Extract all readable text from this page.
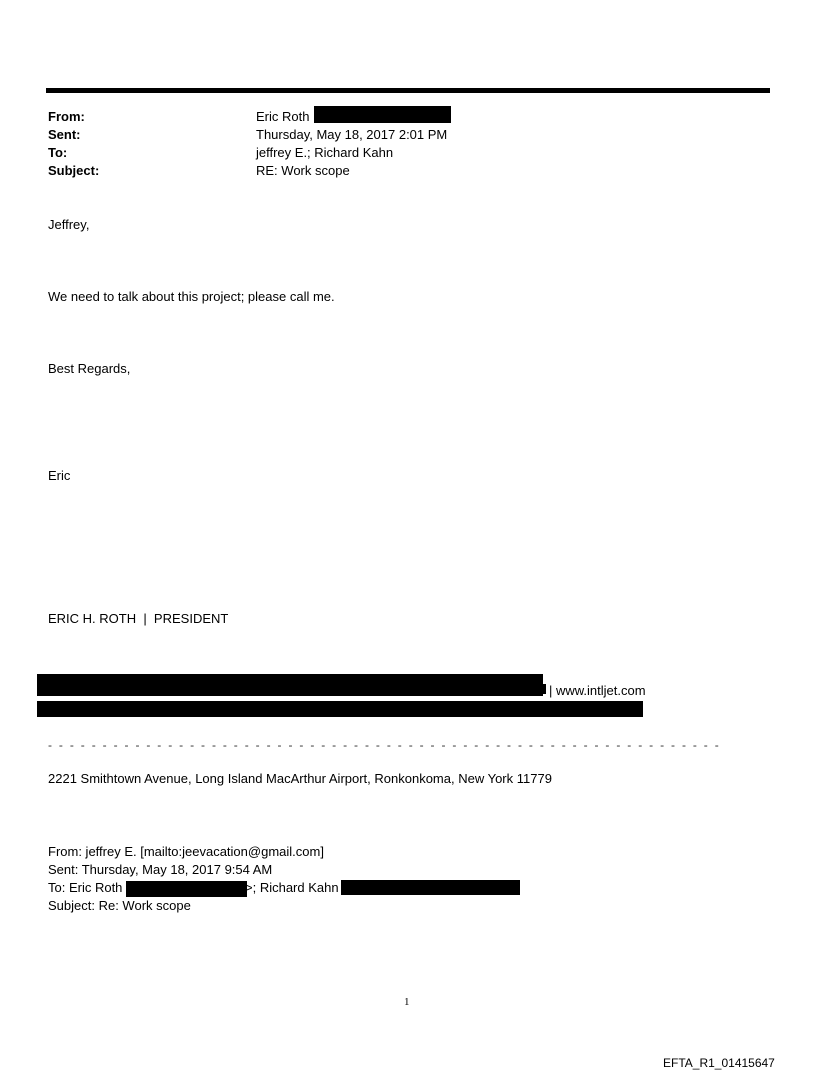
From:
Sent:
To:
Subject:
Eric Roth
Thursday, May 18, 2017 2:01 PM
jeffrey E.; Richard Kahn
RE: Work scope
Jeffrey,
We need to talk about this project; please call me.
Best Regards,
Eric
ERIC H. ROTH  |  PRESIDENT
| www.intljet.com
- - - - - - - - - - - - - - - - - - - - - - - - - - - - - - - - - - - - - - - - - - - - - - - - - - - - - - - - - - - - - -
2221 Smithtown Avenue, Long Island MacArthur Airport, Ronkonkoma, New York 11779
From: jeffrey E. [mailto:jeevacation@gmail.com]
Sent: Thursday, May 18, 2017 9:54 AM
To: Eric Roth	>; Richard Kahn
Subject: Re: Work scope
1
EFTA_R1_01415647
